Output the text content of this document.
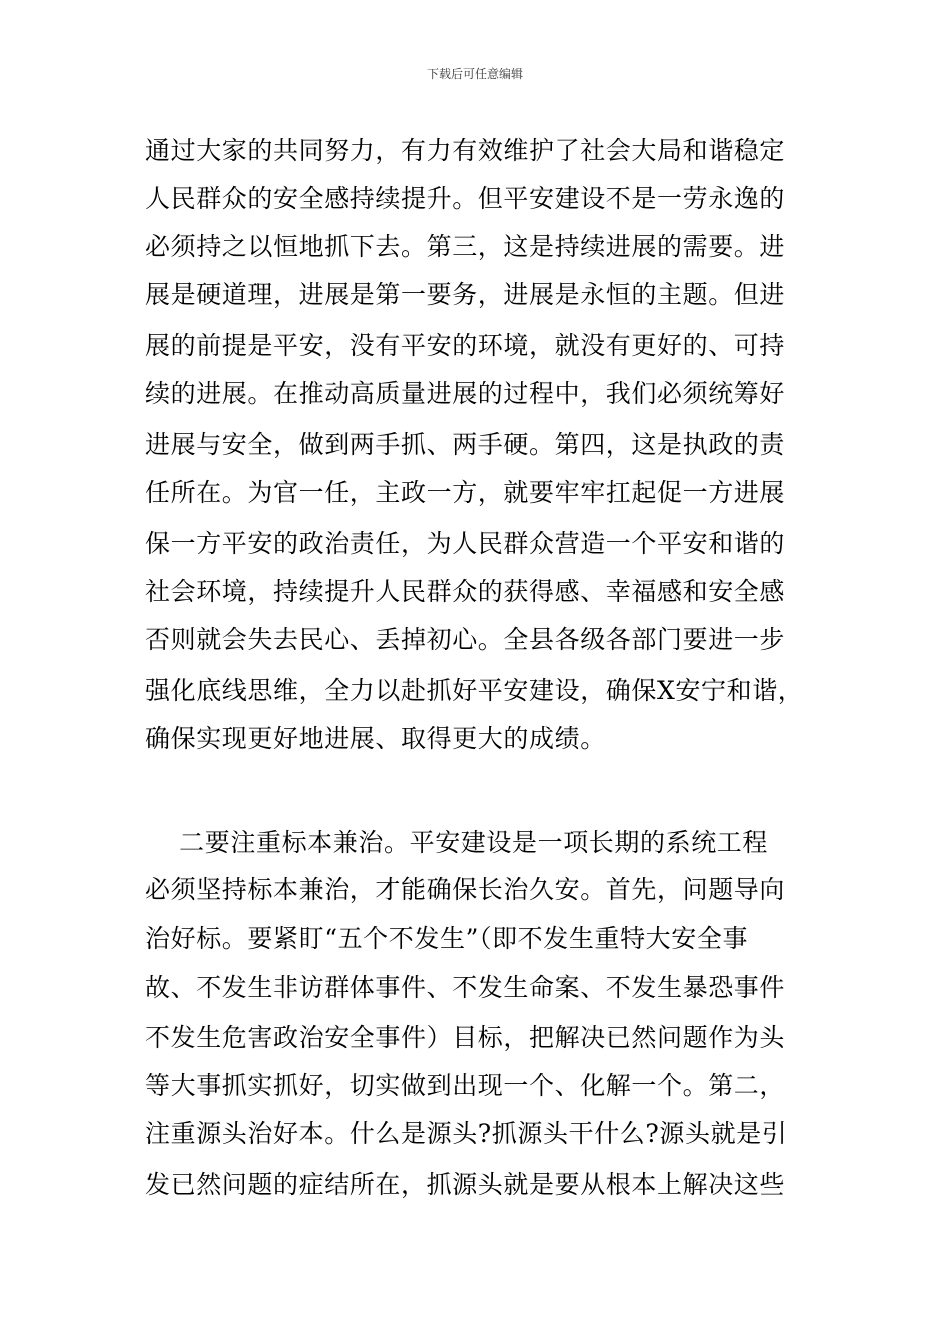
下载后可任意编辑
通过大家的共同努力，有力有效维护了社会大局和谐稳定
人民群众的安全感持续提升。但平安建设不是一劳永逸的
必须持之以恒地抓下去。第三，这是持续进展的需要。进
展是硬道理，进展是第一要务，进展是永恒的主题。但进
展的前提是平安，没有平安的环境，就没有更好的、可持
续的进展。在推动高质量进展的过程中，我们必须统筹好
进展与安全，做到两手抓、两手硬。第四，这是执政的责
任所在。为官一任，主政一方，就要牢牢扛起促一方进展
保一方平安的政治责任，为人民群众营造一个平安和谐的
社会环境，持续提升人民群众的获得感、幸福感和安全感
否则就会失去民心、丢掉初心。全县各级各部门要进一步
强化底线思维，全力以赴抓好平安建设，确保X安宁和谐，
确保实现更好地进展、取得更大的成绩。
二要注重标本兼治。平安建设是一项长期的系统工程
必须坚持标本兼治，才能确保长治久安。首先，问题导向
治好标。要紧盯“五个不发生”（即不发生重特大安全事
故、不发生非访群体事件、不发生命案、不发生暴恐事件
不发生危害政治安全事件）目标，把解决已然问题作为头
等大事抓实抓好，切实做到出现一个、化解一个。第二，
注重源头治好本。什么是源头?抓源头干什么?源头就是引
发已然问题的症结所在，抓源头就是要从根本上解决这些
